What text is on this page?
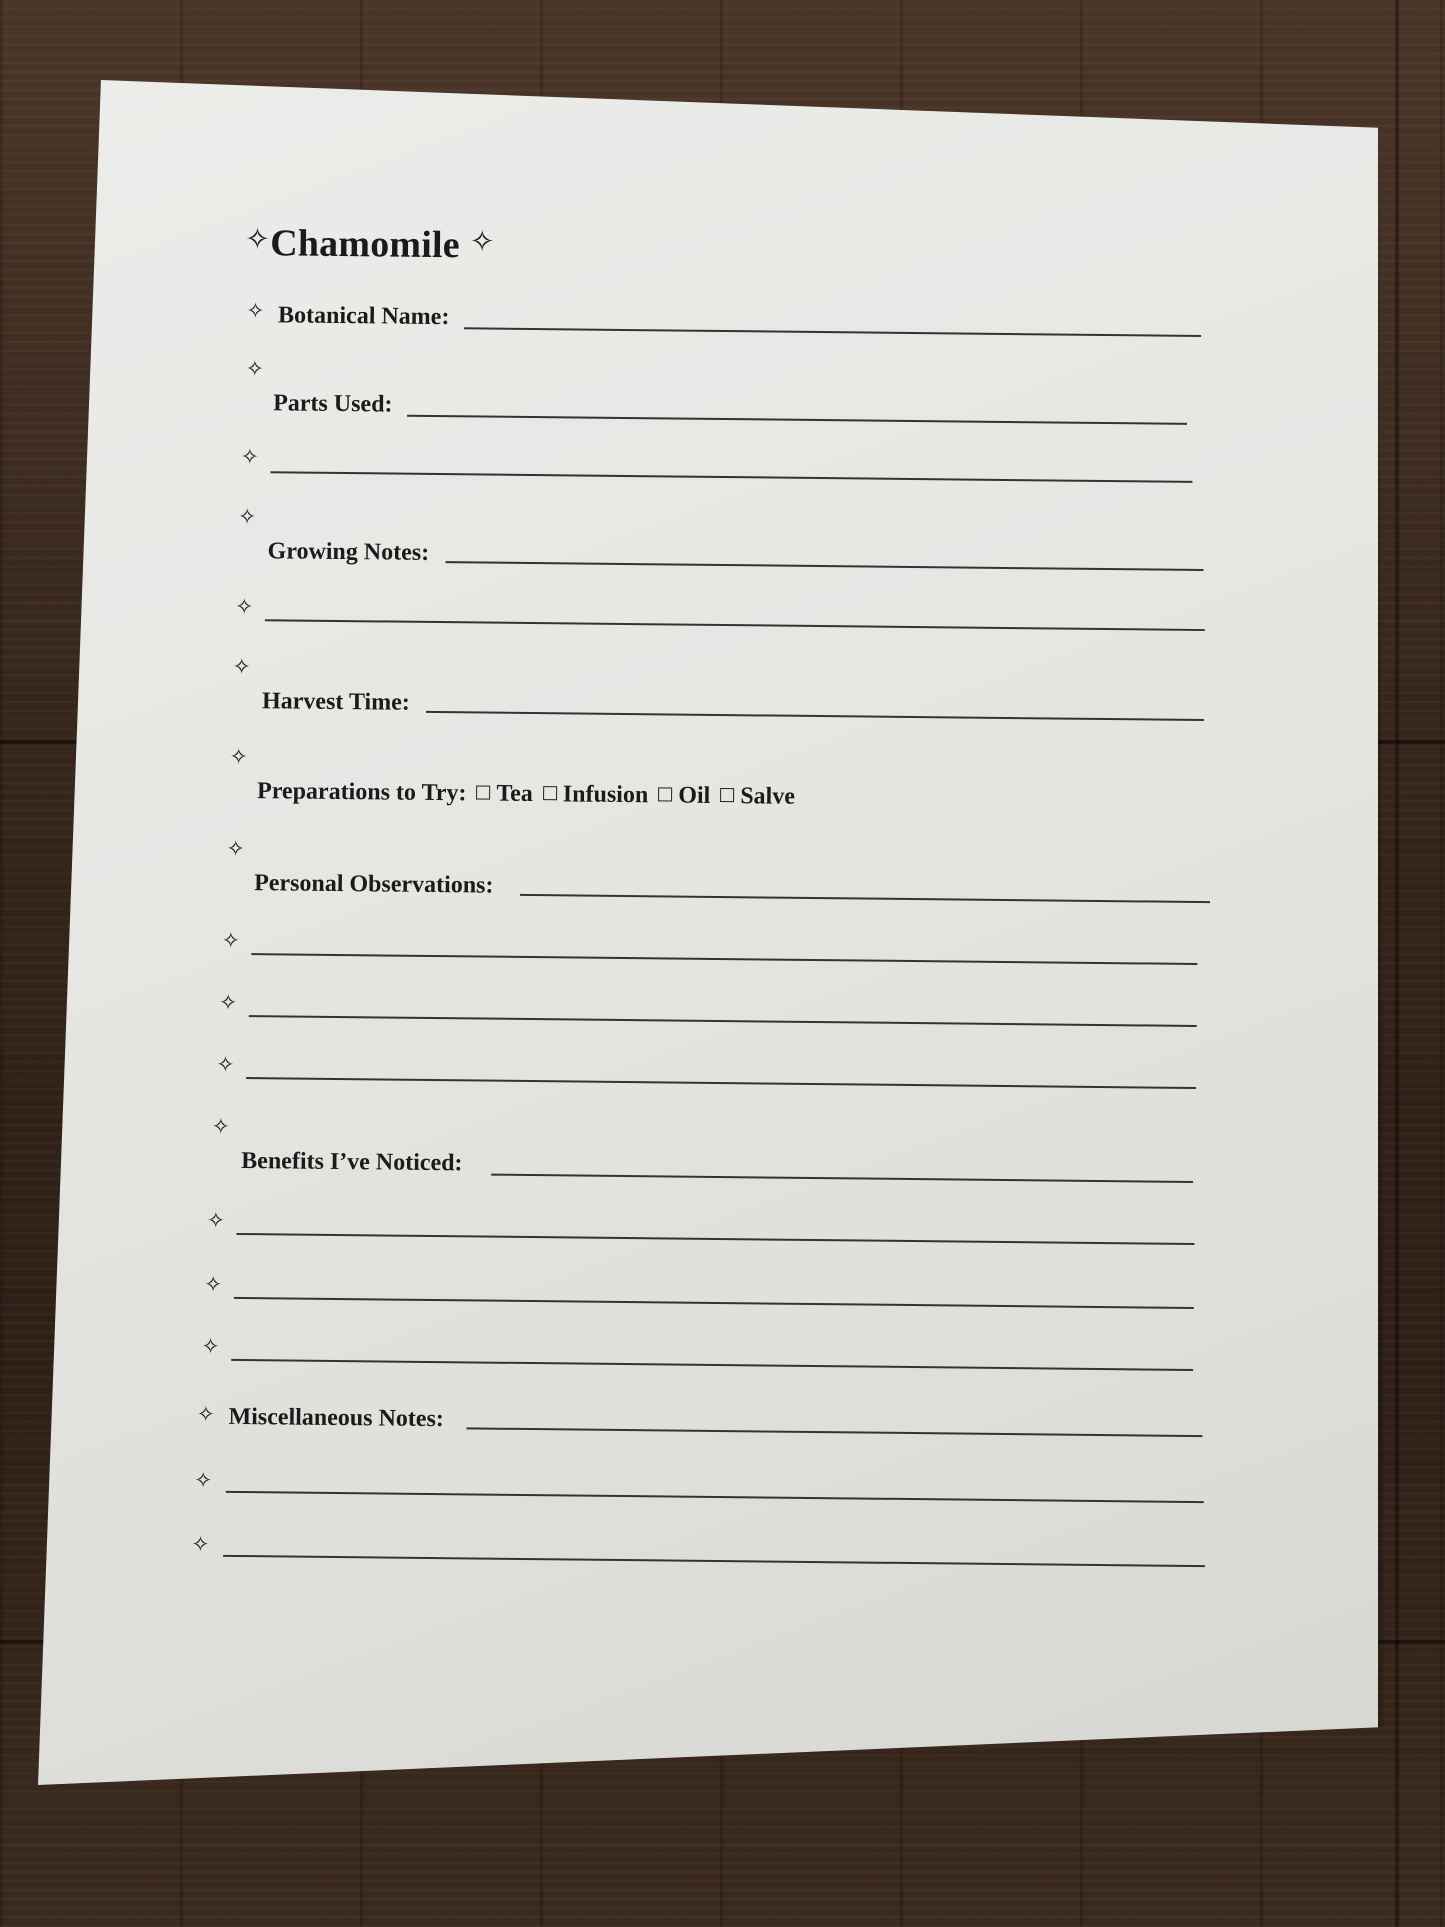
✧Chamomile ✧
✧ Botanical Name:
✧
Parts Used:
✧
✧
Growing Notes:
✧
✧
Harvest Time:
✧
Preparations to Try: Tea Infusion Oil Salve
✧
Personal Observations:
✧
✧
✧
✧
Benefits I’ve Noticed:
✧
✧
✧
✧ Miscellaneous Notes:
✧
✧
